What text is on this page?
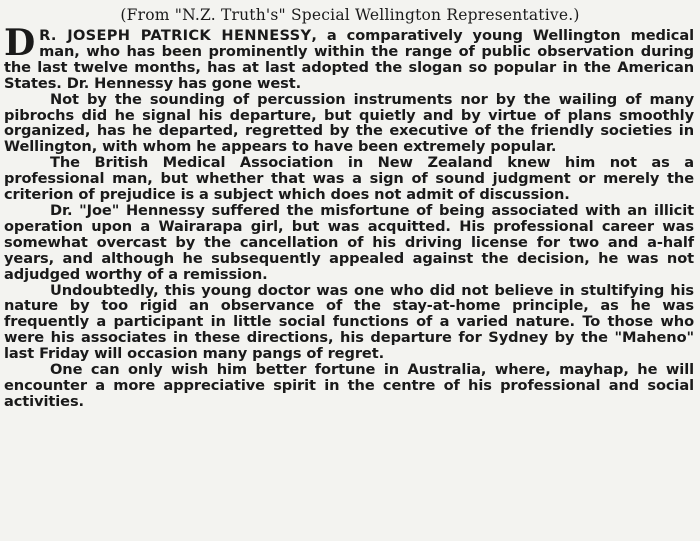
(From "N.Z. Truth's" Special Wellington Representative.)

D R. JOSEPH PATRICK HENNESSY, a comparatively young Wellington medical man, who has been prominently within the range of public observation during the last twelve months, has at last adopted the slogan so popular in the American States. Dr. Hennessy has gone west.

Not by the sounding of percussion instruments nor by the wailing of many pibrochs did he signal his departure, but quietly and by virtue of plans smoothly organized, has he departed, regretted by the executive of the friendly societies in Wellington, with whom he appears to have been extremely popular.

The British Medical Association in New Zealand knew him not as a professional man, but whether that was a sign of sound judgment or merely the criterion of prejudice is a subject which does not admit of discussion.

Dr. "Joe" Hennessy suffered the misfortune of being associated with an illicit operation upon a Wairarapa girl, but was acquitted. His professional career was somewhat overcast by the cancellation of his driving license for two and a-half years, and although he subsequently appealed against the decision, he was not adjudged worthy of a remission.

Undoubtedly, this young doctor was one who did not believe in stultifying his nature by too rigid an observance of the stay-at-home principle, as he was frequently a participant in little social functions of a varied nature. To those who were his associates in these directions, his departure for Sydney by the "Maheno" last Friday will occasion many pangs of regret.

One can only wish him better fortune in Australia, where, mayhap, he will encounter a more appreciative spirit in the centre of his professional and social activities.
